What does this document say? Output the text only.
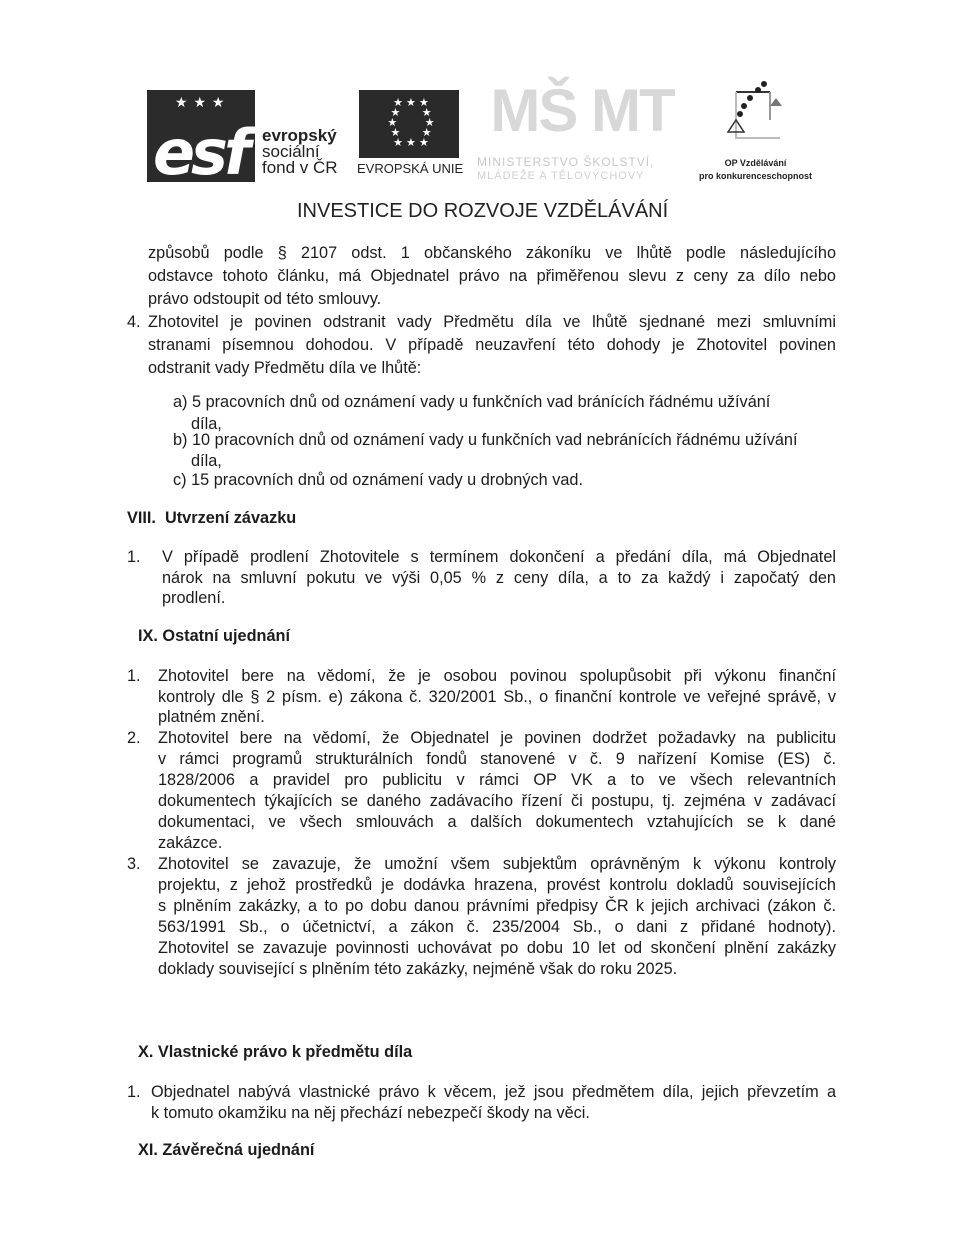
★ ★ ★
esf evropský
sociální
fond v ČR
★ ★ ★
★       ★
★         ★
★       ★
★ ★ ★
EVROPSKÁ UNIE
MŠ MT
MINISTERSTVO ŠKOLSTVÍ,
MLÁDEŽE A TĚLOVÝCHOVY
OP Vzdělávání
pro konkurenceschopnost
INVESTICE DO ROZVOJE VZDĚLÁVÁNÍ
způsobů podle § 2107 odst. 1 občanského zákoníku ve lhůtě podle následujícího
odstavce tohoto článku, má Objednatel právo na přiměřenou slevu z ceny za dílo nebo
právo odstoupit od této smlouvy.
4. Zhotovitel je povinen odstranit vady Předmětu díla ve lhůtě sjednané mezi smluvními
stranami písemnou dohodou. V případě neuzavření této dohody je Zhotovitel povinen
odstranit vady Předmětu díla ve lhůtě:
a) 5 pracovních dnů od oznámení vady u funkčních vad bránících řádnému užívání
díla,
b) 10 pracovních dnů od oznámení vady u funkčních vad nebránících řádnému užívání
díla,
c) 15 pracovních dnů od oznámení vady u drobných vad.
VIII.  Utvrzení závazku
1. V případě prodlení Zhotovitele s termínem dokončení a předání díla, má Objednatel
nárok na smluvní pokutu ve výši 0,05 % z ceny díla, a to za každý i započatý den
prodlení.
IX. Ostatní ujednání
1. Zhotovitel bere na vědomí, že je osobou povinou spolupůsobit při výkonu finanční
kontroly dle § 2 písm. e) zákona č. 320/2001 Sb., o finanční kontrole ve veřejné správě, v
platném znění.
2. Zhotovitel bere na vědomí, že Objednatel je povinen dodržet požadavky na publicitu
v rámci programů strukturálních fondů stanovené v č. 9 nařízení Komise (ES) č.
1828/2006 a pravidel pro publicitu v rámci OP VK a to ve všech relevantních
dokumentech týkajících se daného zadávacího řízení či postupu, tj. zejména v zadávací
dokumentaci, ve všech smlouvách a dalších dokumentech vztahujících se k dané
zakázce.
3. Zhotovitel se zavazuje, že umožní všem subjektům oprávněným k výkonu kontroly
projektu, z jehož prostředků je dodávka hrazena, provést kontrolu dokladů souvisejících
s plněním zakázky, a to po dobu danou právními předpisy ČR k jejich archivaci (zákon č.
563/1991 Sb., o účetnictví, a zákon č. 235/2004 Sb., o dani z přidané hodnoty).
Zhotovitel se zavazuje povinnosti uchovávat po dobu 10 let od skončení plnění zakázky
doklady související s plněním této zakázky, nejméně však do roku 2025.
X. Vlastnické právo k předmětu díla
1. Objednatel nabývá vlastnické právo k věcem, jež jsou předmětem díla, jejich převzetím a
k tomuto okamžiku na něj přechází nebezpečí škody na věci.
XI. Závěrečná ujednání
